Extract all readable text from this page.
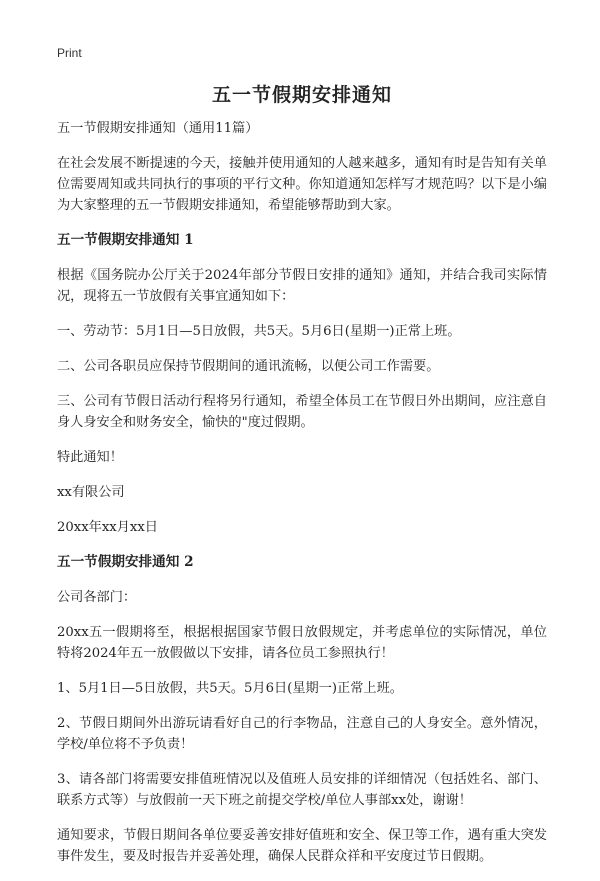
Print
五一节假期安排通知

五一节假期安排通知（通用11篇）

在社会发展不断提速的今天，接触并使用通知的人越来越多，通知有时是告知有关单位需要周知或共同执行的事项的平行文种。你知道通知怎样写才规范吗？以下是小编为大家整理的五一节假期安排通知，希望能够帮助到大家。

五一节假期安排通知 1

根据《国务院办公厅关于2024年部分节假日安排的通知》通知，并结合我司实际情况，现将五一节放假有关事宜通知如下：

一、劳动节：5月1日—5日放假，共5天。5月6日(星期一)正常上班。

二、公司各职员应保持节假期间的通讯流畅，以便公司工作需要。

三、公司有节假日活动行程将另行通知，希望全体员工在节假日外出期间，应注意自身人身安全和财务安全，愉快的"度过假期。

特此通知！

xx有限公司

20xx年xx月xx日

五一节假期安排通知 2

公司各部门：

20xx五一假期将至，根据根据国家节假日放假规定，并考虑单位的实际情况，单位特将2024年五一放假做以下安排，请各位员工参照执行！

1、5月1日—5日放假，共5天。5月6日(星期一)正常上班。

2、节假日期间外出游玩请看好自己的行李物品，注意自己的人身安全。意外情况，学校/单位将不予负责！

3、请各部门将需要安排值班情况以及值班人员安排的详细情况（包括姓名、部门、联系方式等）与放假前一天下班之前提交学校/单位人事部xx处，谢谢！

通知要求，节假日期间各单位要妥善安排好值班和安全、保卫等工作，遇有重大突发事件发生，要及时报告并妥善处理，确保人民群众祥和平安度过节日假期。
